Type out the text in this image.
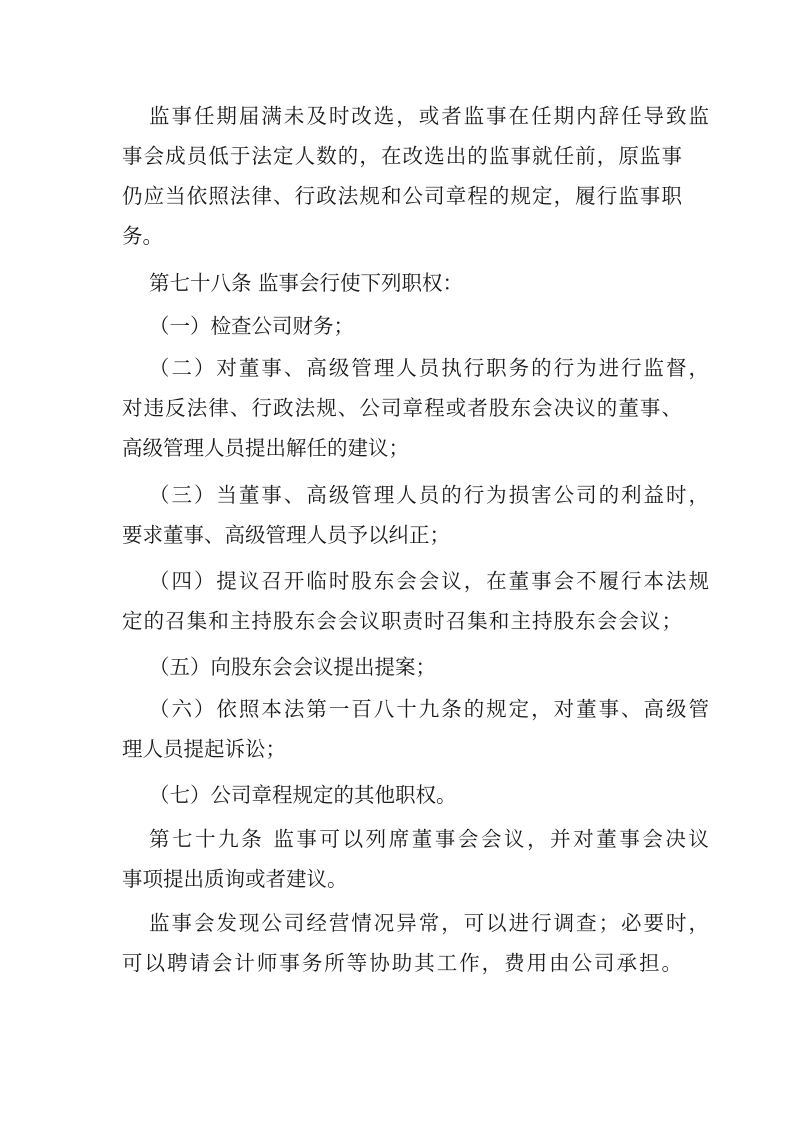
监事任期届满未及时改选，或者监事在任期内辞任导致监
事会成员低于法定人数的，在改选出的监事就任前，原监事
仍应当依照法律、行政法规和公司章程的规定，履行监事职
务。
第七十八条 监事会行使下列职权：
（一）检查公司财务；
（二）对董事、高级管理人员执行职务的行为进行监督，
对违反法律、行政法规、公司章程或者股东会决议的董事、
高级管理人员提出解任的建议；
（三）当董事、高级管理人员的行为损害公司的利益时，
要求董事、高级管理人员予以纠正；
（四）提议召开临时股东会会议，在董事会不履行本法规
定的召集和主持股东会会议职责时召集和主持股东会会议；
（五）向股东会会议提出提案；
（六）依照本法第一百八十九条的规定，对董事、高级管
理人员提起诉讼；
（七）公司章程规定的其他职权。
第七十九条 监事可以列席董事会会议，并对董事会决议
事项提出质询或者建议。
监事会发现公司经营情况异常，可以进行调查；必要时，
可以聘请会计师事务所等协助其工作，费用由公司承担。
